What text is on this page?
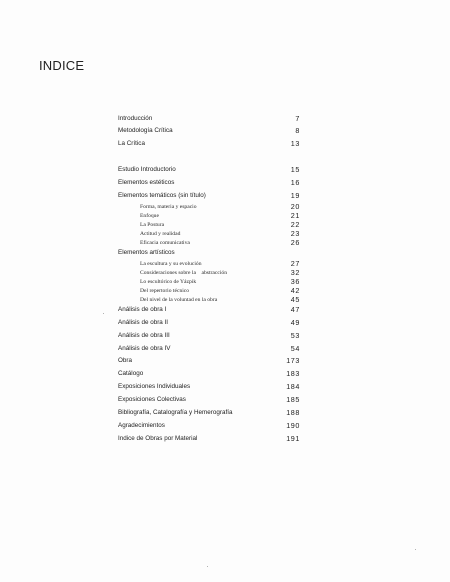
INDICE
Introducción	7
Metodología Crítica	8
La Crítica	13
Estudio Introductorio	15
Elementos estéticos	16
Elementos temáticos (sin título)	19
Forma, materia y espacio	20
Enfoque	21
La Postura	22
Actitud y realidad	23
Eficacia comunicativa	26
Elementos artísticos
La escultura y su evolución	27
Consideraciones sobre la    abstracción	32
Lo escultórico de Yázpik	36
Del repertorio técnico	42
Del nivel de la voluntad en la obra	45
Análisis de obra I	47
Análisis de obra II	49
Análisis de obra III	53
Análisis de obra IV	54
Obra	173
Catálogo	183
Exposiciones Individuales	184
Exposiciones Colectivas	185
Bibliografía, Catalografía y Hemerografía	188
Agradecimientos	190
Indice de Obras por Material	191
